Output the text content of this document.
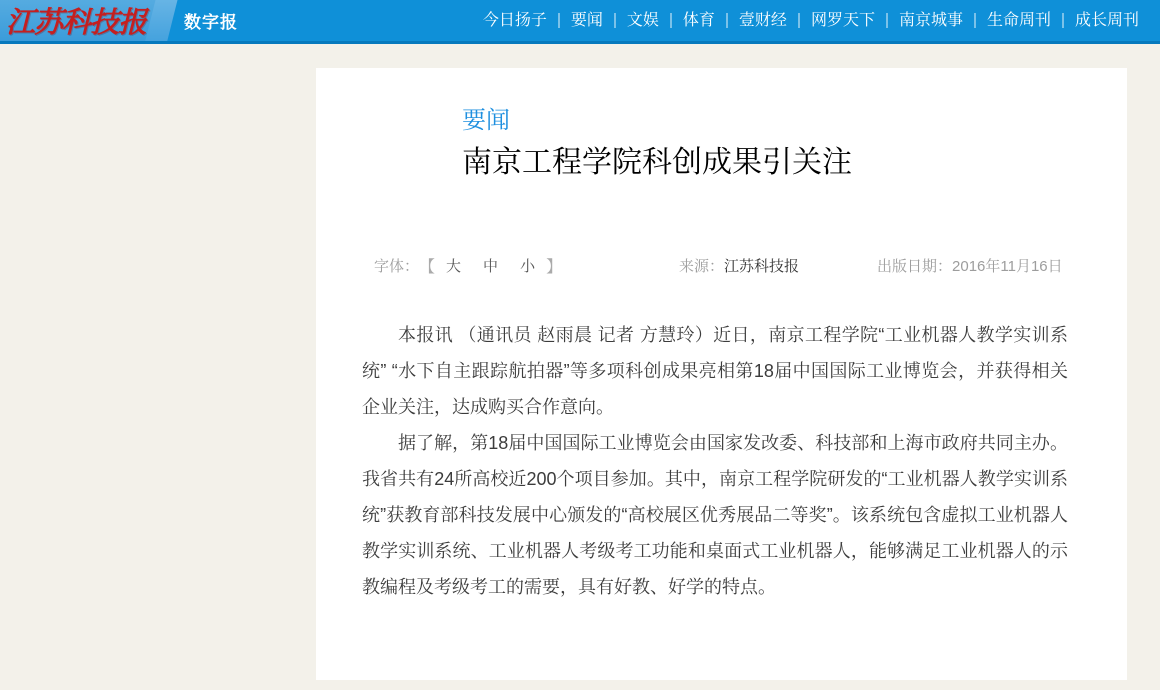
江苏科技报 数字报	今日扬子	要闻	文娱	体育	壹财经	网罗天下	南京城事	生命周刊	成长周刊
要闻
南京工程学院科创成果引关注
字体： 【 大 中 小 】	来源： 江苏科技报	出版日期： 2016年11月16日

本报讯 （通讯员 赵雨晨 记者 方慧玲）近日，南京工程学院“工业机器人教学实训系统” “水下自主跟踪航拍器”等多项科创成果亮相第18届中国国际工业博览会，并获得相关企业关注，达成购买合作意向。

据了解，第18届中国国际工业博览会由国家发改委、科技部和上海市政府共同主办。我省共有24所高校近200个项目参加。其中，南京工程学院研发的“工业机器人教学实训系统”获教育部科技发展中心颁发的“高校展区优秀展品二等奖”。该系统包含虚拟工业机器人教学实训系统、工业机器人考级考工功能和桌面式工业机器人，能够满足工业机器人的示教编程及考级考工的需要，具有好教、好学的特点。
